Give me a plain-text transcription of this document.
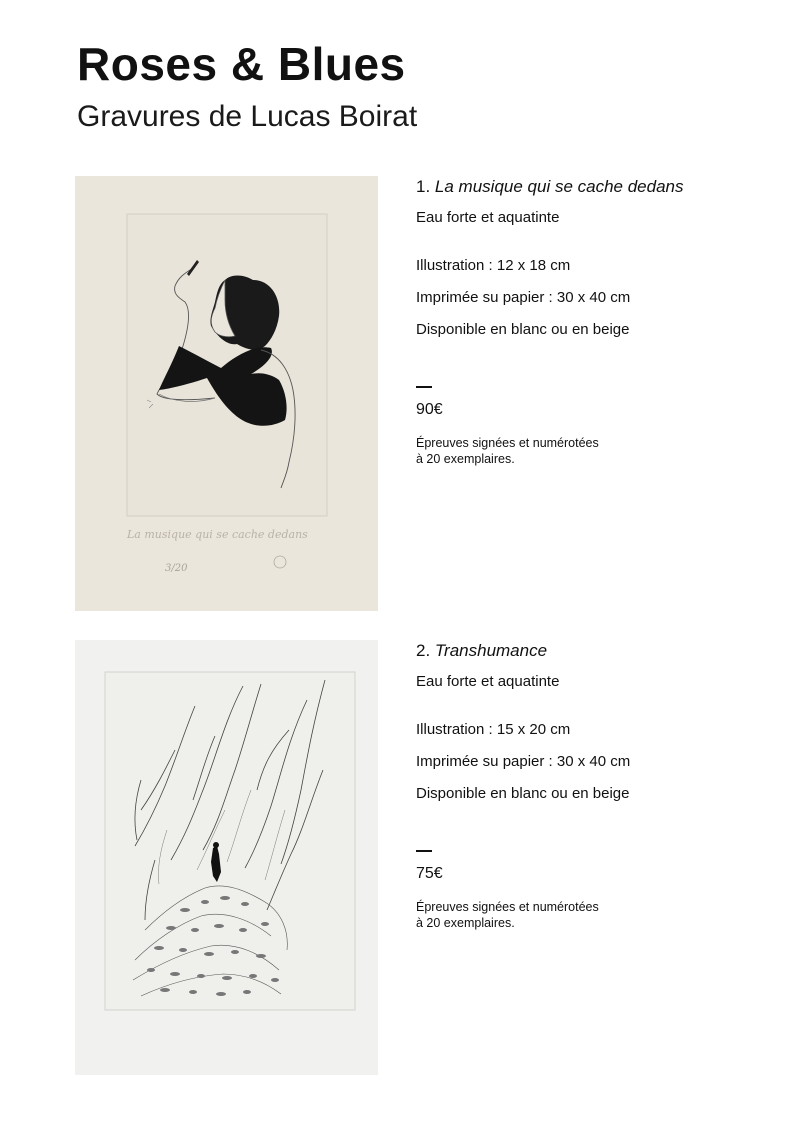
Roses & Blues
Gravures de Lucas Boirat
La musique qui se cache dedans
3/20

1. La musique qui se cache dedans

Eau forte et aquatinte

Illustration : 12 x 18 cm

Imprimée su papier : 30 x 40 cm

Disponible en blanc ou en beige

90€

Épreuves signées et numérotées
à 20 exemplaires.

2. Transhumance

Eau forte et aquatinte

Illustration : 15 x 20 cm

Imprimée su papier : 30 x 40 cm

Disponible en blanc ou en beige

75€

Épreuves signées et numérotées
à 20 exemplaires.
